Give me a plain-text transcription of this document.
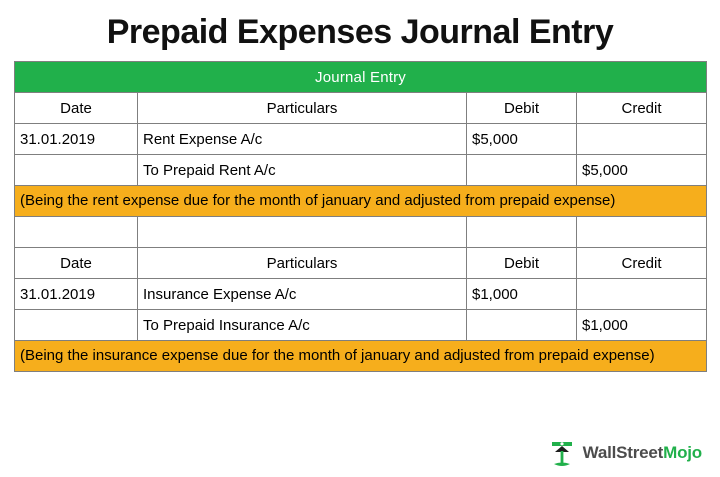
Prepaid Expenses Journal Entry
Journal Entry			
Date	Particulars	Debit	Credit
31.01.2019	Rent Expense A/c	$5,000	
	To Prepaid Rent A/c		$5,000
(Being the rent expense due for the month of january and adjusted from prepaid expense)			

Date	Particulars	Debit	Credit
31.01.2019	Insurance Expense A/c	$1,000	
	To Prepaid Insurance A/c		$1,000
(Being the insurance expense due for the month of january and adjusted from prepaid expense)			
WallStreetMojo
